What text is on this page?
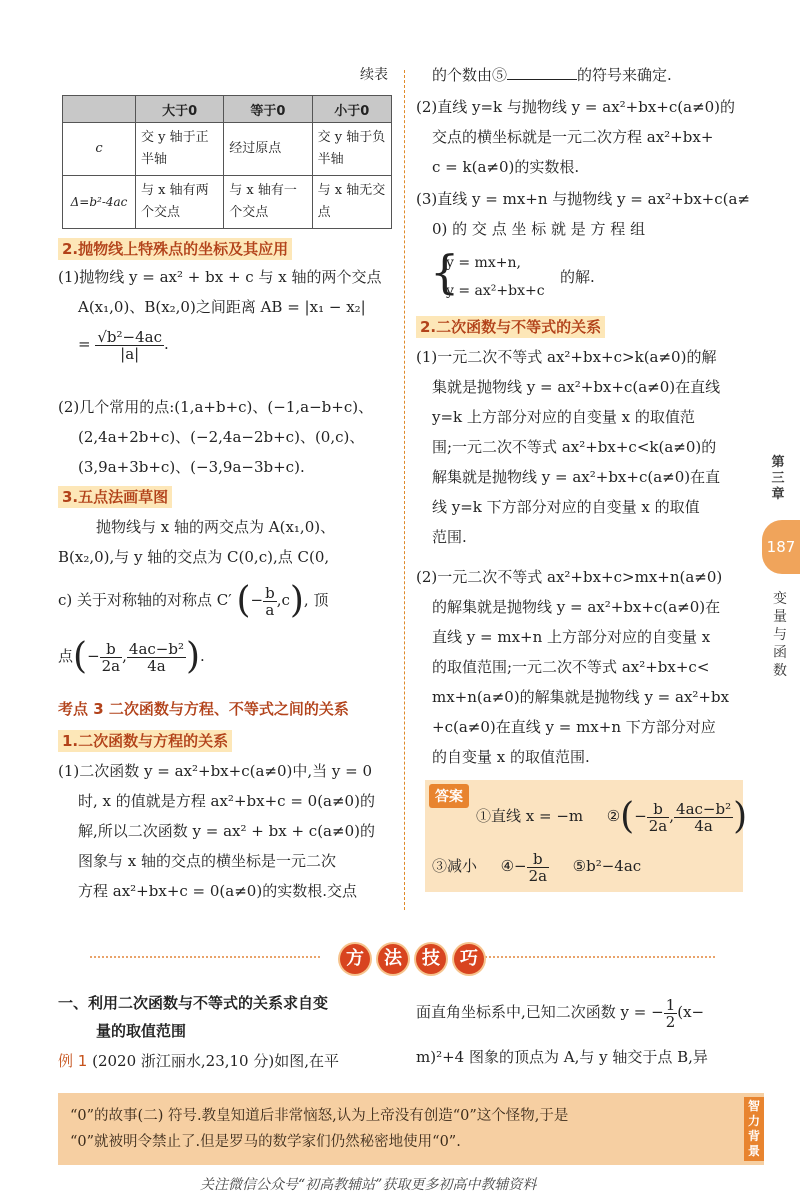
续表
	大于0	等于0	小于0
c	交 y 轴于正半轴	经过原点	交 y 轴于负半轴
Δ=b²-4ac	与 x 轴有两个交点	与 x 轴有一个交点	与 x 轴无交点
2.抛物线上特殊点的坐标及其应用
(1)抛物线 y = ax² + bx + c 与 x 轴的两个交点
A(x₁,0)、B(x₂,0)之间距离 AB = |x₁ − x₂|
= $\frac{\text{√b²−4ac}}{|a|}$ .
(2)几个常用的点:(1,a+b+c)、(−1,a−b+c)、
(2,4a+2b+c)、(−2,4a−2b+c)、(0,c)、
(3,9a+3b+c)、(−3,9a−3b+c).
3.五点法画草图
抛物线与 x 轴的两交点为 A(x₁,0)、
B(x₂,0),与 y 轴的交点为 C(0,c),点 C(0,
c) 关于对称轴的对称点 C′ (− $\frac{b}{a} ,c$), 顶
点(− $\frac{b}{2a}$ , $\frac{\text{4ac−b²}}{4a}$ ).
考点 3 二次函数与方程、不等式之间的关系
1.二次函数与方程的关系
(1)二次函数 y = ax²+bx+c(a≠0)中,当 y = 0
时, x 的值就是方程 ax²+bx+c = 0(a≠0)的
解,所以二次函数 y = ax² + bx + c(a≠0)的
图象与 x 轴的交点的横坐标是一元二次
方程 ax²+bx+c = 0(a≠0)的实数根.交点
的个数由⑤	的符号来确定.
(2)直线 y=k 与抛物线 y = ax²+bx+c(a≠0)的
交点的横坐标就是一元二次方程 ax²+bx+
c = k(a≠0)的实数根.
(3)直线 y = mx+n 与抛物线 y = ax²+bx+c(a≠
0) 的 交 点 坐 标 就 是 方 程 组
{
y = mx+n,
y = ax²+bx+c
的解.
2.二次函数与不等式的关系
(1)一元二次不等式 ax²+bx+c>k(a≠0)的解
集就是抛物线 y = ax²+bx+c(a≠0)在直线
y=k 上方部分对应的自变量 x 的取值范
围;一元二次不等式 ax²+bx+c<k(a≠0)的
解集就是抛物线 y = ax²+bx+c(a≠0)在直
线 y=k 下方部分对应的自变量 x 的取值
范围.
(2)一元二次不等式 ax²+bx+c>mx+n(a≠0)
的解集就是抛物线 y = ax²+bx+c(a≠0)在
直线 y = mx+n 上方部分对应的自变量 x
的取值范围;一元二次不等式 ax²+bx+c<
mx+n(a≠0)的解集就是抛物线 y = ax²+bx
+c(a≠0)在直线 y = mx+n 下方部分对应
的自变量 x 的取值范围.
答案
①直线 x = −m ②(− $\frac{b}{2a}$ , $\frac{\text{4ac−b²}}{4a}$ )
③减小 ④− $\frac{b}{2a}$ ⑤b²−4ac
方	法	技	巧
一、利用二次函数与不等式的关系求自变
量的取值范围
例 1 (2020 浙江丽水,23,10 分)如图,在平
面直角坐标系中,已知二次函数 y = − $\frac{1}{2} (x-$
m)²+4 图象的顶点为 A,与 y 轴交于点 B,异
第三章
187
变量与函数
“0”的故事(二) 符号.教皇知道后非常恼怒,认为上帝没有创造“0”这个怪物,于是
“0”就被明令禁止了.但是罗马的数学家们仍然秘密地使用“0”.
智力背景
关注微信公众号“初高教辅站”获取更多初高中教辅资料
